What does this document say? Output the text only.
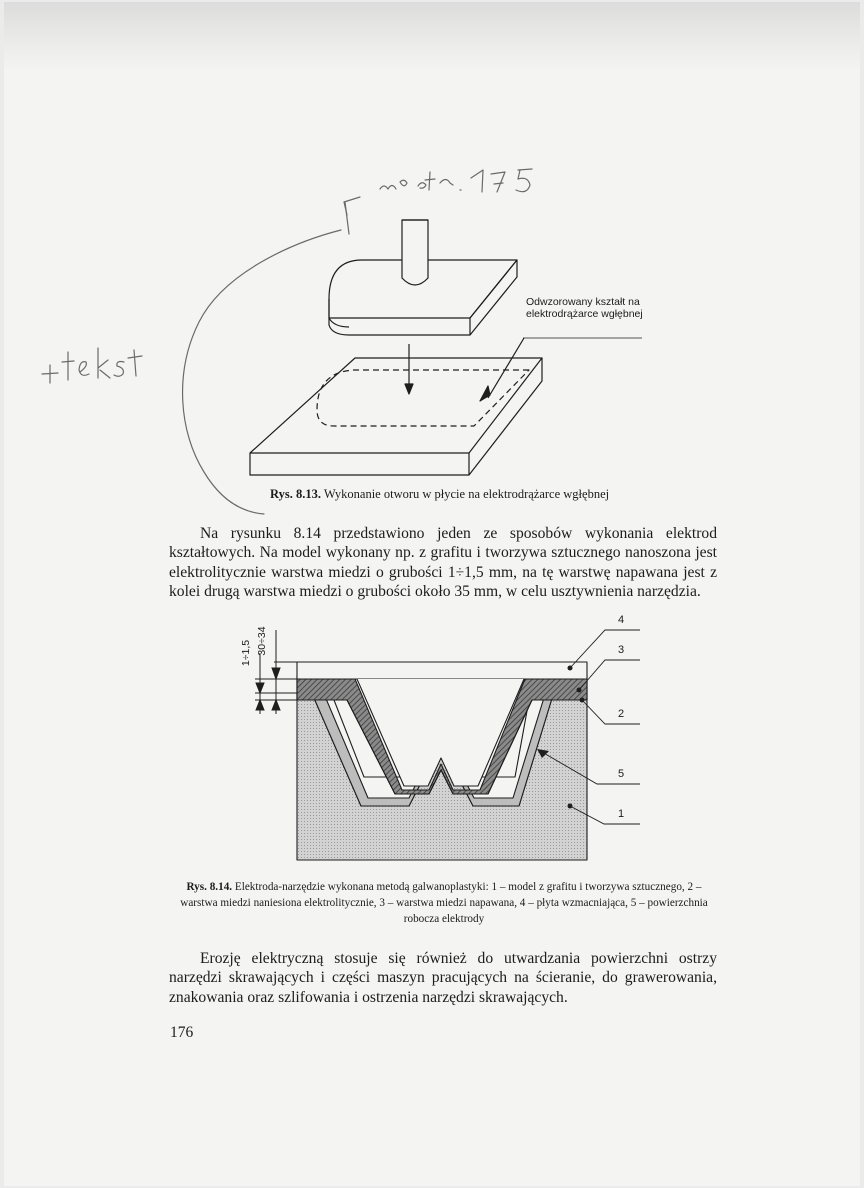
Odwzorowany kształt na
elektrodrążarce wgłębnej
Rys. 8.13. Wykonanie otworu w płycie na elektrodrążarce wgłębnej
Na rysunku 8.14 przedstawiono jeden ze sposobów wykonania elektrod kształtowych. Na model wykonany np. z grafitu i tworzywa sztucznego nanoszona jest elektrolitycznie warstwa miedzi o grubości 1÷1,5 mm, na tę warstwę napawana jest z kolei drugą warstwa miedzi o grubości około 35 mm, w celu usztywnienia narzędzia.
1÷1,5 30÷34
4
3
2
5
1
Rys. 8.14. Elektroda-narzędzie wykonana metodą galwanoplastyki: 1 – model z grafitu i tworzywa sztucznego, 2 – warstwa miedzi naniesiona elektrolitycznie, 3 – warstwa miedzi napawana, 4 – płyta wzmacniająca, 5 – powierzchnia robocza elektrody
Erozję elektryczną stosuje się również do utwardzania powierzchni ostrzy narzędzi skrawających i części maszyn pracujących na ścieranie, do grawerowania, znakowania oraz szlifowania i ostrzenia narzędzi skrawających.
176
